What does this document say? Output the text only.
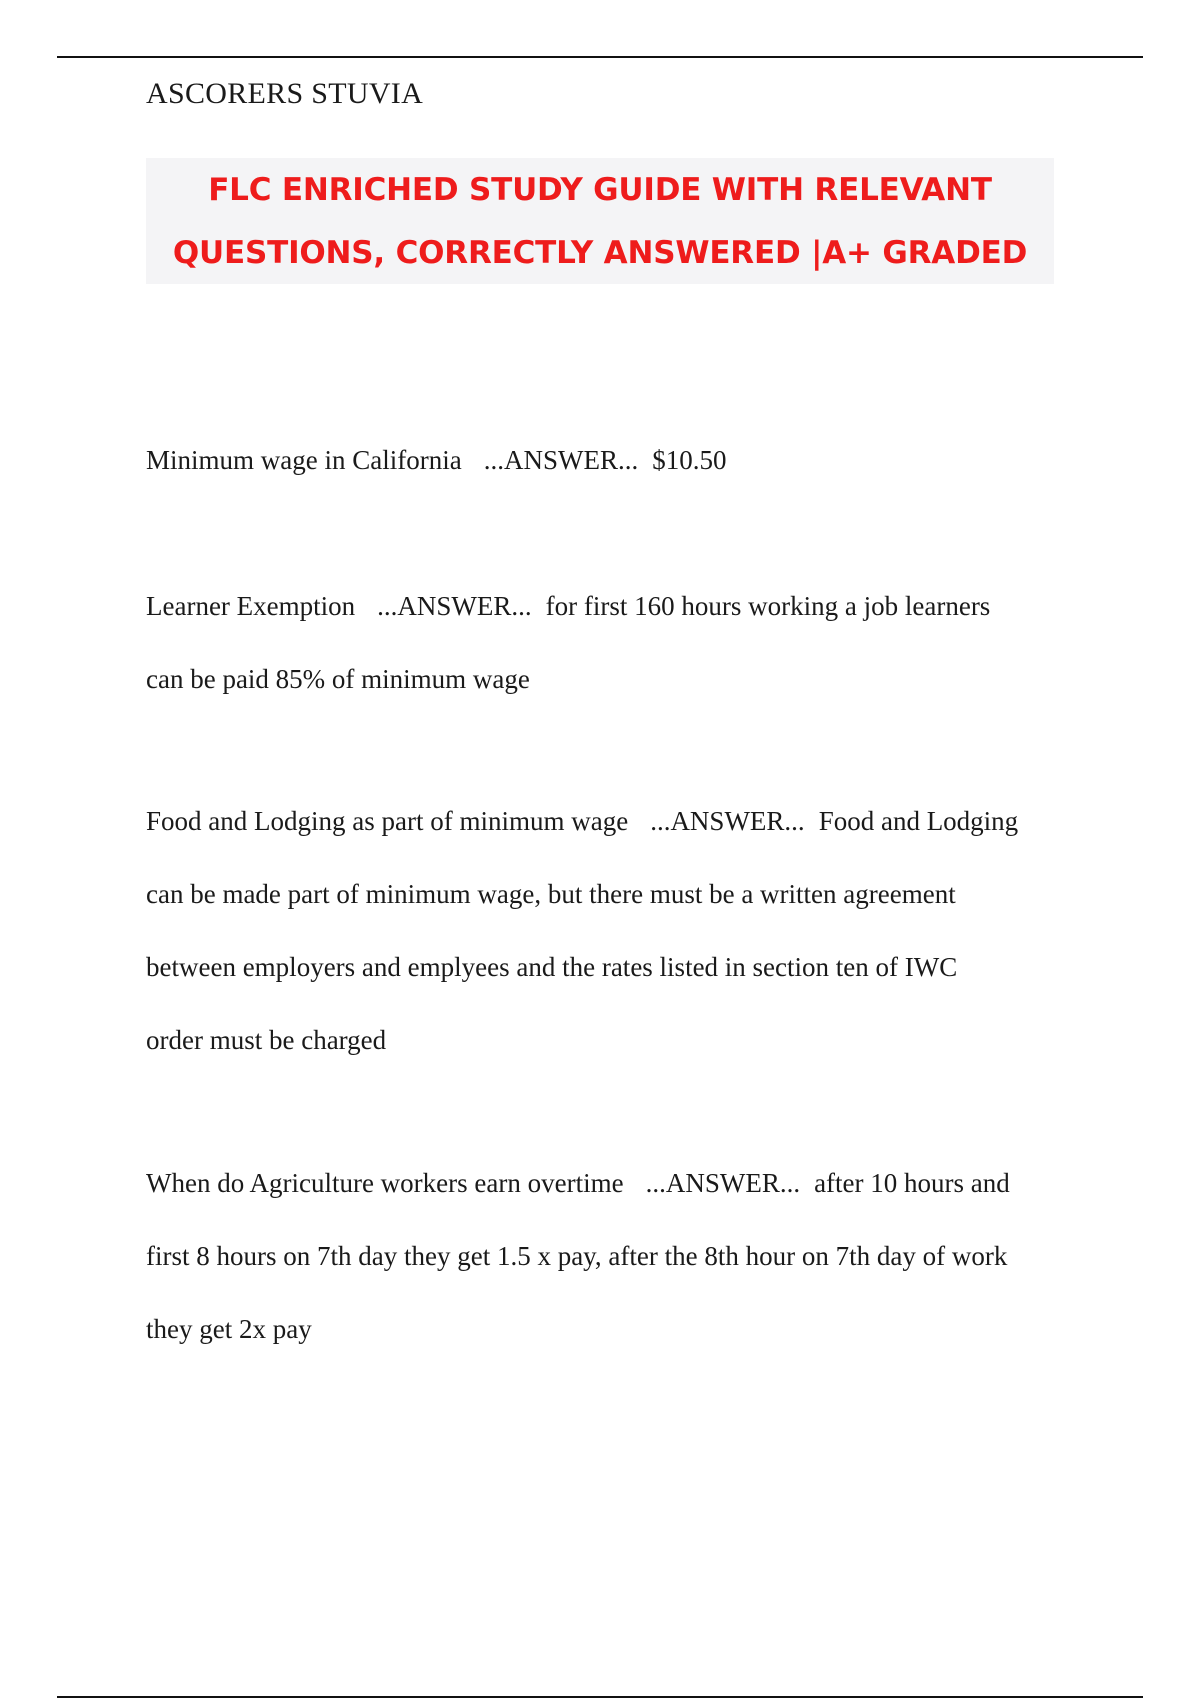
ASCORERS STUVIA
FLC ENRICHED STUDY GUIDE WITH RELEVANT
QUESTIONS, CORRECTLY ANSWERED |A+ GRADED
Minimum wage in California ...ANSWER... $10.50
Learner Exemption ...ANSWER... for first 160 hours working a job learners
can be paid 85% of minimum wage
Food and Lodging as part of minimum wage ...ANSWER... Food and Lodging
can be made part of minimum wage, but there must be a written agreement
between employers and emplyees and the rates listed in section ten of IWC
order must be charged
When do Agriculture workers earn overtime ...ANSWER... after 10 hours and
first 8 hours on 7th day they get 1.5 x pay, after the 8th hour on 7th day of work
they get 2x pay
